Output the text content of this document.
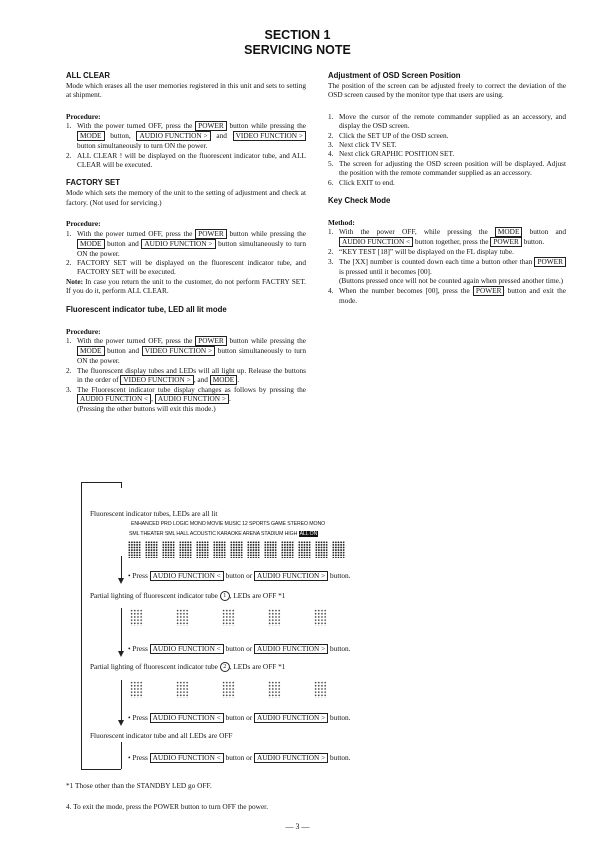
SECTION 1
SERVICING NOTE
ALL CLEAR

Mode which erases all the user memories registered in this unit and sets to setting at shipment.

Procedure:
1. With the power turned OFF, press the POWER button while pressing the MODE button, AUDIO FUNCTION > and VIDEO FUNCTION > button simultaneously to turn ON the power.
2. ALL CLEAR ! will be displayed on the fluorescent indicator tube, and ALL CLEAR will be executed.
FACTORY SET

Mode which sets the memory of the unit to the setting of adjustment and check at factory. (Not used for servicing.)

Procedure:
1. With the power turned OFF, press the POWER button while pressing the MODE button and AUDIO FUNCTION > button simultaneously to turn ON the power.
2. FACTORY SET will be displayed on the fluorescent indicator tube, and FACTORY SET will be executed.

Note: In case you return the unit to the customer, do not perform FACTRY SET. If you do it, perform ALL CLEAR.

Fluorescent indicator tube, LED all lit mode
Procedure:
1. With the power turned OFF, press the POWER button while pressing the MODE button and VIDEO FUNCTION > button simultaneously to turn ON the power.
2. The fluorescent display tubes and LEDs will all light up. Release the buttons in the order of VIDEO FUNCTION > , and MODE .
3. The Fluorescent indicator tube display changes as follows by pressing the AUDIO FUNCTION < , AUDIO FUNCTION > .
(Pressing the other buttons will exit this mode.)
Adjustment of OSD Screen Position

The position of the screen can be adjusted freely to correct the deviation of the OSD screen caused by the monitor type that users are using.

1. Move the cursor of the remote commander supplied as an accessory, and display the OSD screen.
2. Click the SET UP of the OSD screen.
3. Next click TV SET.
4. Next click GRAPHIC POSITION SET.
5. The screen for adjusting the OSD screen position will be displayed. Adjust the position with the remote commander supplied as an accessory.
6. Click EXIT to end.
Key Check Mode
Method:
1. With the power OFF, while pressing the MODE button and AUDIO FUNCTION < button together, press the POWER button.
2. “KEY TEST [18]” will be displayed on the FL display tube.
3. The [XX] number is counted down each time a button other than POWER is pressed until it becomes [00].
(Buttons pressed once will not be counted again when pressed another time.)
4. When the number becomes [00], press the POWER button and exit the mode.
Fluorescent indicator tubes, LEDs are all lit
ENHANCED PRO LOGIC MONO MOVIE MUSIC 12 SPORTS GAME STEREO MONO
SML THEATER SML HALL ACOUSTIC KARAOKE ARENA STADIUM HIGH ALL ON
• Press AUDIO FUNCTION < button or AUDIO FUNCTION > button.
Partial lighting of fluorescent indicator tube 1 , LEDs are OFF *1
• Press AUDIO FUNCTION < button or AUDIO FUNCTION > button.
Partial lighting of fluorescent indicator tube 2 , LEDs are OFF *1
• Press AUDIO FUNCTION < button or AUDIO FUNCTION > button.
Fluorescent indicator tube and all LEDs are OFF
• Press AUDIO FUNCTION < button or AUDIO FUNCTION > button.
*1 Those other than the STANDBY LED go OFF.
4. To exit the mode, press the POWER button to turn OFF the power.
— 3 —
